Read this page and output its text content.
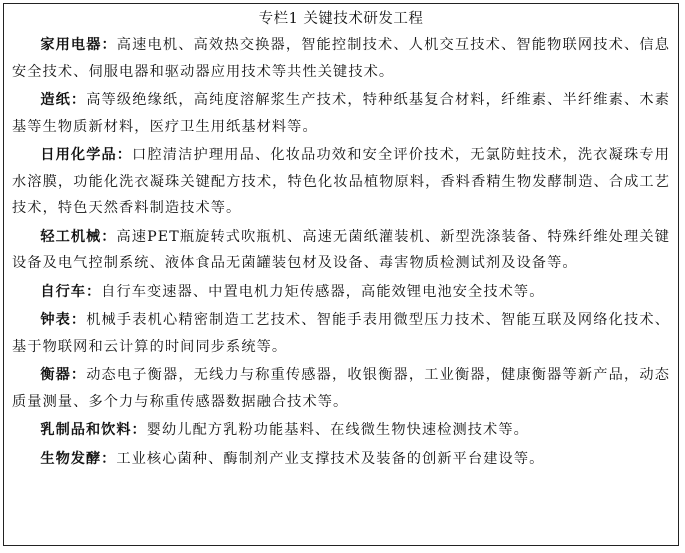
专栏1 关键技术研发工程

家用电器：高速电机、高效热交换器，智能控制技术、人机交互技术、智能物联网技术、信息安全技术、伺服电器和驱动器应用技术等共性关键技术。

造纸：高等级绝缘纸，高纯度溶解浆生产技术，特种纸基复合材料，纤维素、半纤维素、木素基等生物质新材料，医疗卫生用纸基材料等。

日用化学品：口腔清洁护理用品、化妆品功效和安全评价技术，无氯防蛀技术，洗衣凝珠专用水溶膜，功能化洗衣凝珠关键配方技术，特色化妆品植物原料，香料香精生物发酵制造、合成工艺技术，特色天然香料制造技术等。

轻工机械：高速PET瓶旋转式吹瓶机、高速无菌纸灌装机、新型洗涤装备、特殊纤维处理关键设备及电气控制系统、液体食品无菌罐装包材及设备、毒害物质检测试剂及设备等。

自行车：自行车变速器、中置电机力矩传感器，高能效锂电池安全技术等。

钟表：机械手表机心精密制造工艺技术、智能手表用微型压力技术、智能互联及网络化技术、基于物联网和云计算的时间同步系统等。

衡器：动态电子衡器，无线力与称重传感器，收银衡器，工业衡器，健康衡器等新产品，动态质量测量、多个力与称重传感器数据融合技术等。

乳制品和饮料：婴幼儿配方乳粉功能基料、在线微生物快速检测技术等。

生物发酵：工业核心菌种、酶制剂产业支撑技术及装备的创新平台建设等。
